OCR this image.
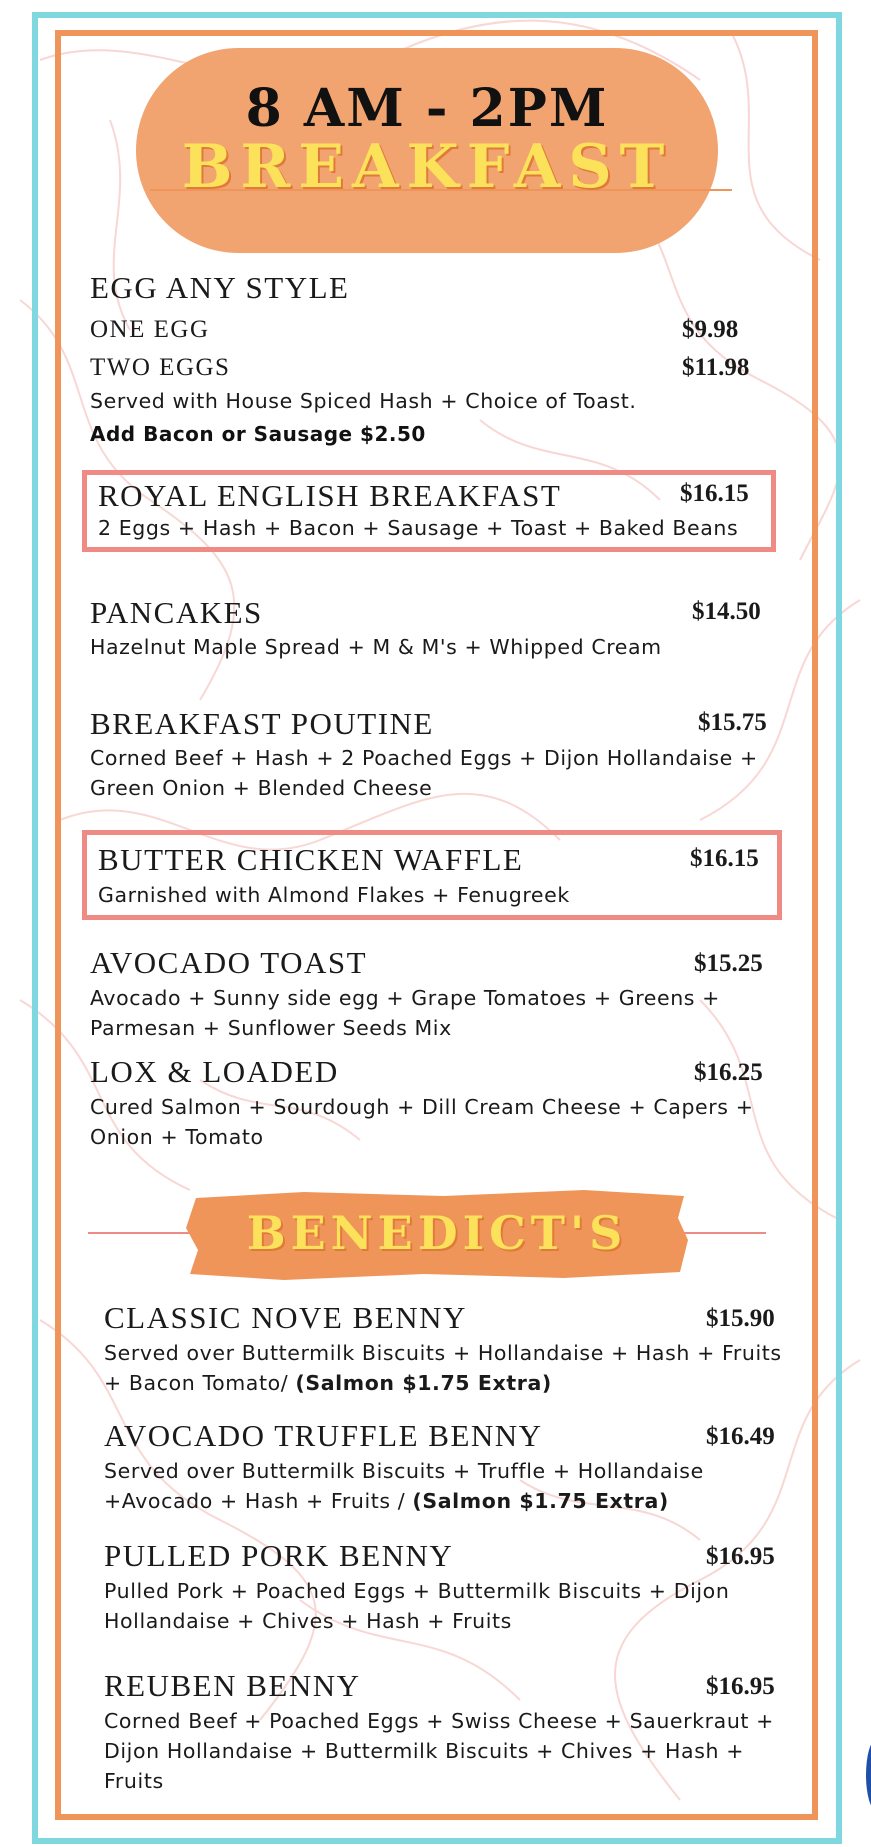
8 AM - 2PM
BREAKFAST
EGG ANY STYLE
ONE EGG	$9.98
TWO EGGS	$11.98
Served with House Spiced Hash + Choice of Toast.
Add Bacon or Sausage $2.50
ROYAL ENGLISH BREAKFAST	$16.15
2 Eggs + Hash + Bacon + Sausage + Toast + Baked Beans
PANCAKES	$14.50
Hazelnut Maple Spread + M & M's + Whipped Cream
BREAKFAST POUTINE	$15.75
Corned Beef + Hash + 2 Poached Eggs + Dijon Hollandaise +
Green Onion + Blended Cheese
BUTTER CHICKEN WAFFLE	$16.15
Garnished with Almond Flakes + Fenugreek
AVOCADO TOAST	$15.25
Avocado + Sunny side egg + Grape Tomatoes + Greens +
Parmesan + Sunflower Seeds Mix
LOX & LOADED	$16.25
Cured Salmon + Sourdough + Dill Cream Cheese + Capers +
Onion + Tomato
BENEDICT'S
CLASSIC NOVE BENNY	$15.90
Served over Buttermilk Biscuits + Hollandaise + Hash + Fruits
+ Bacon Tomato/ (Salmon $1.75 Extra)
AVOCADO TRUFFLE BENNY	$16.49
Served over Buttermilk Biscuits + Truffle + Hollandaise
+Avocado + Hash + Fruits / (Salmon $1.75 Extra)
PULLED PORK BENNY	$16.95
Pulled Pork + Poached Eggs + Buttermilk Biscuits + Dijon
Hollandaise + Chives + Hash + Fruits
REUBEN BENNY	$16.95
Corned Beef + Poached Eggs + Swiss Cheese + Sauerkraut +
Dijon Hollandaise + Buttermilk Biscuits + Chives + Hash +
Fruits
